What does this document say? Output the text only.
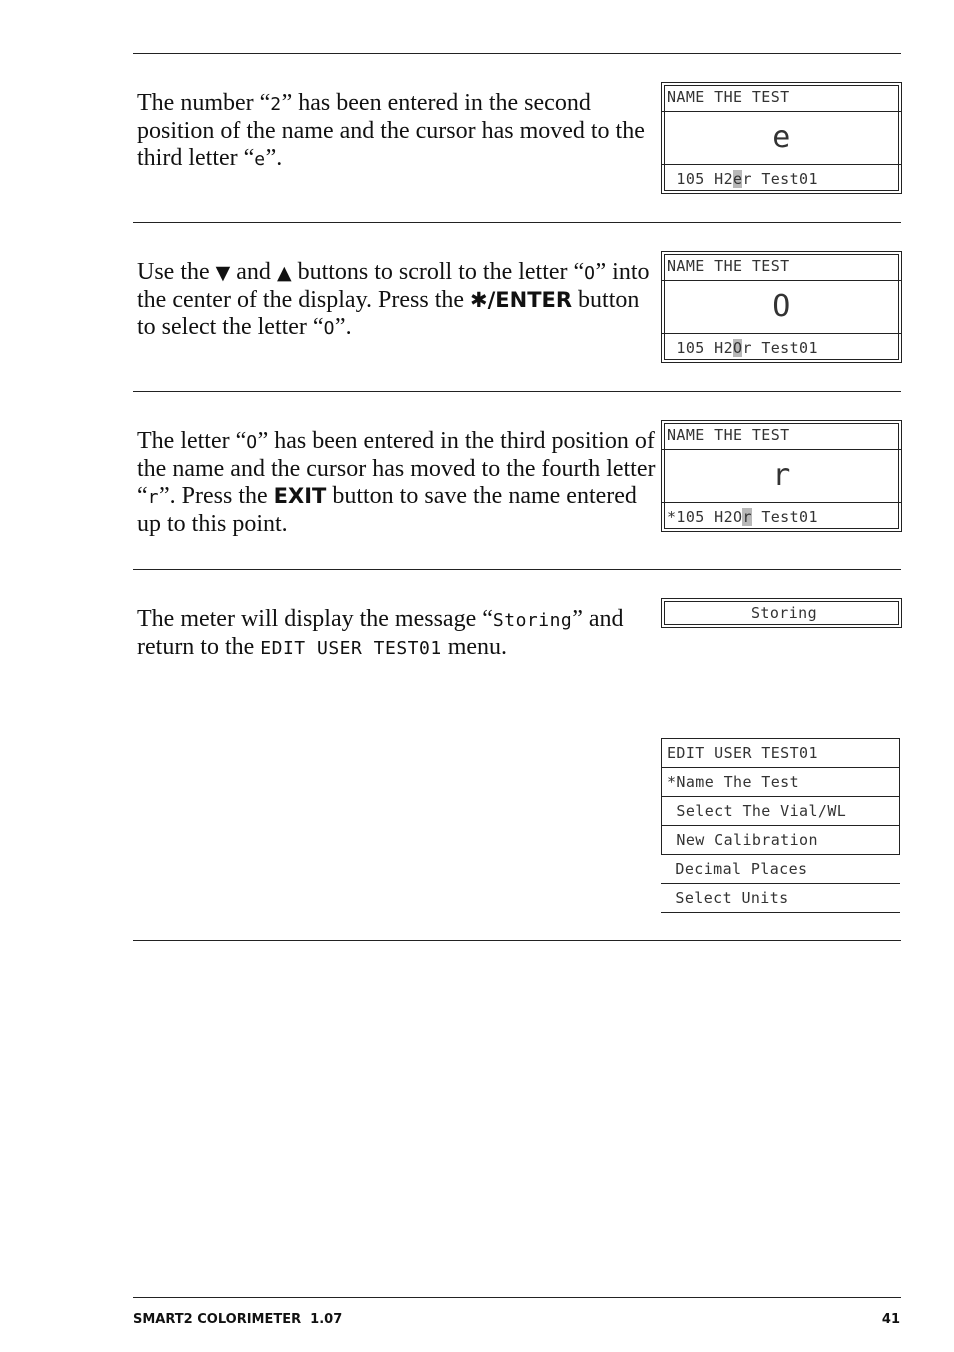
The number “2” has been entered in the second position of the name and the cursor has moved to the third letter “e”.
NAME THE TEST
e
105 H2er Test01
Use the ▼ and ▲ buttons to scroll to the letter “O” into the center of the display. Press the ✱/ENTER button to select the letter “O”.
NAME THE TEST
O
105 H2Or Test01
The letter “O” has been entered in the third position of the name and the cursor has moved to the fourth letter “r”. Press the EXIT button to save the name entered up to this point.
NAME THE TEST
r
*105 H2Or Test01
The meter will display the message “Storing” and return to the EDIT USER TEST01 menu.
Storing
EDIT USER TEST01
*Name The Test
Select The Vial/WL
New Calibration
Decimal Places
Select Units
SMART2 COLORIMETER  1.07	41
